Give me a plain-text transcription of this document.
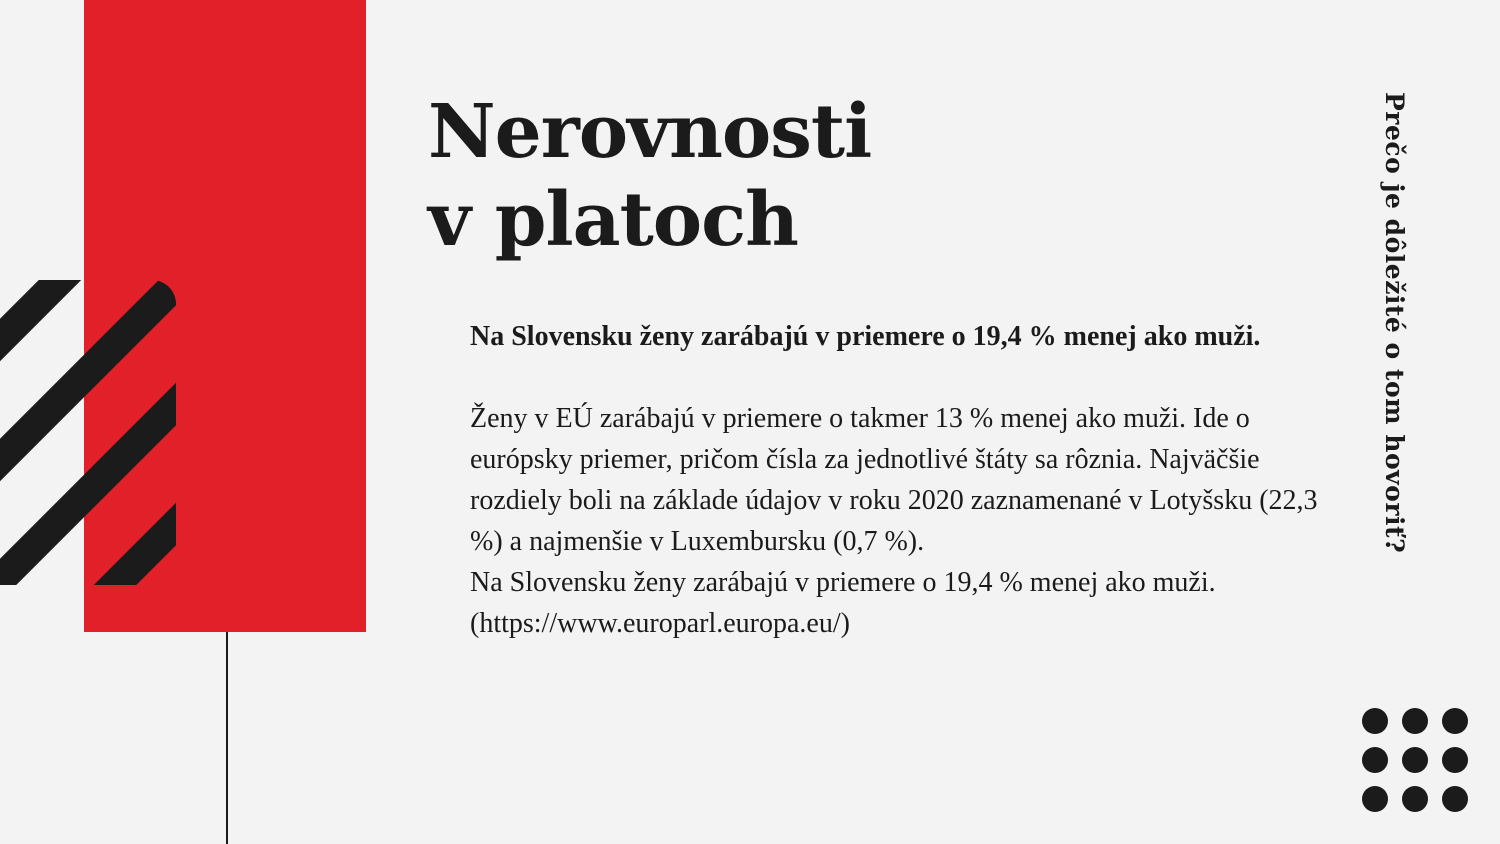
Nerovnosti
v platoch

Na Slovensku ženy zarábajú v priemere o 19,4 % menej ako muži.

Ženy v EÚ zarábajú v priemere o takmer 13 % menej ako muži. Ide o európsky priemer, pričom čísla za jednotlivé štáty sa rôznia. Najväčšie rozdiely boli na základe údajov v roku 2020 zaznamenané v Lotyšsku (22,3 %) a najmenšie v Luxembursku (0,7 %).

Na Slovensku ženy zarábajú v priemere o 19,4 % menej ako muži. (https://www.europarl.europa.eu/)

Prečo je dôležité o tom hovoriť?
